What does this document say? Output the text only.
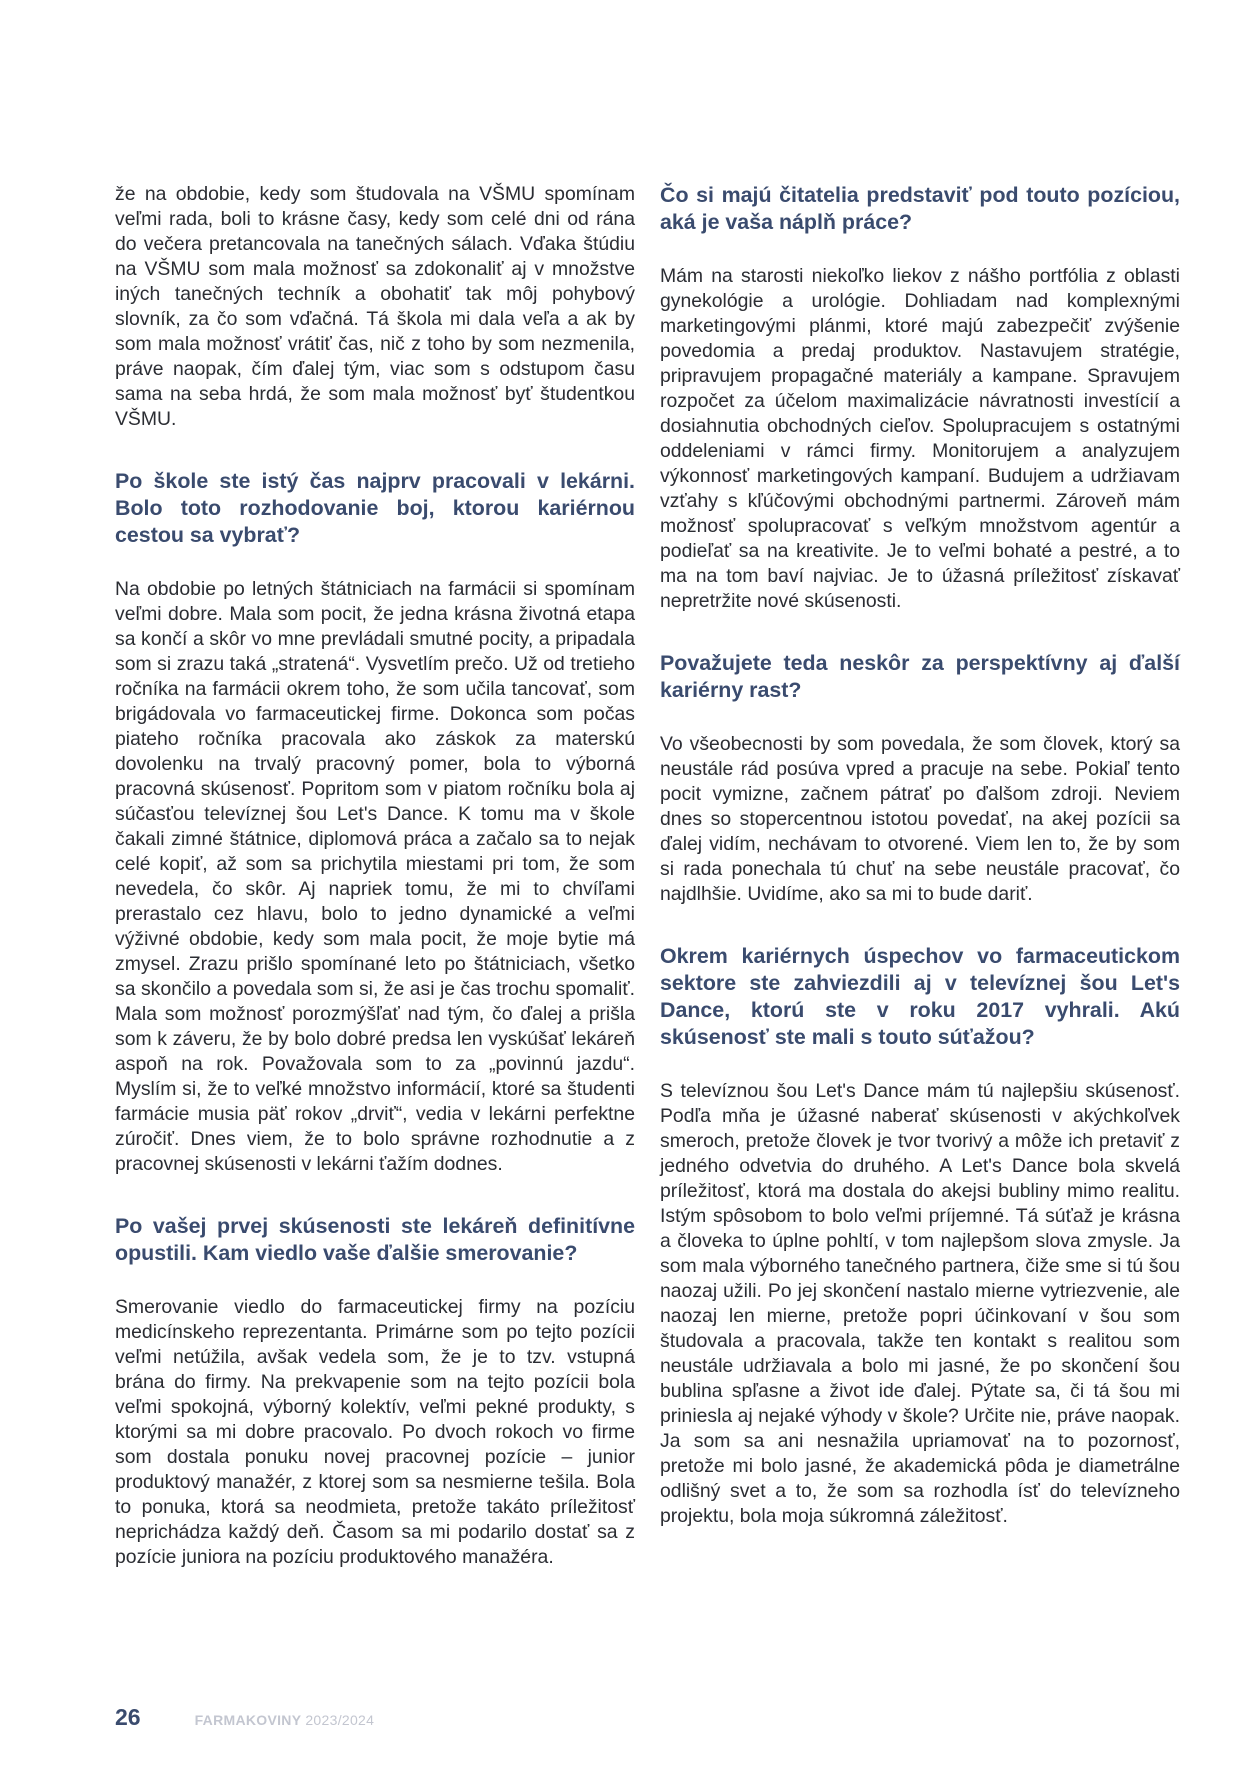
že na obdobie, kedy som študovala na VŠMU spomínam veľmi rada, boli to krásne časy, kedy som celé dni od rána do večera pretancovala na tanečných sálach. Vďaka štúdiu na VŠMU som mala možnosť sa zdokonaliť aj v množstve iných tanečných techník a obohatiť tak môj pohybový slovník, za čo som vďačná. Tá škola mi dala veľa a ak by som mala možnosť vrátiť čas, nič z toho by som nezmenila, práve naopak, čím ďalej tým, viac som s odstupom času sama na seba hrdá, že som mala možnosť byť študentkou VŠMU.

Po škole ste istý čas najprv pracovali v lekárni. Bolo toto rozhodovanie boj, ktorou kariérnou cestou sa vybrať?

Na obdobie po letných štátniciach na farmácii si spomínam veľmi dobre. Mala som pocit, že jedna krásna životná etapa sa končí a skôr vo mne prevládali smutné pocity, a pripadala som si zrazu taká „stratená“. Vysvetlím prečo. Už od tretieho ročníka na farmácii okrem toho, že som učila tancovať, som brigádovala vo farmaceutickej firme. Dokonca som počas piateho ročníka pracovala ako záskok za materskú dovolenku na trvalý pracovný pomer, bola to výborná pracovná skúsenosť. Popritom som v piatom ročníku bola aj súčasťou televíznej šou Let's Dance. K tomu ma v škole čakali zimné štátnice, diplomová práca a začalo sa to nejak celé kopiť, až som sa prichytila miestami pri tom, že som nevedela, čo skôr. Aj napriek tomu, že mi to chvíľami prerastalo cez hlavu, bolo to jedno dynamické a veľmi výživné obdobie, kedy som mala pocit, že moje bytie má zmysel. Zrazu prišlo spomínané leto po štátniciach, všetko sa skončilo a povedala som si, že asi je čas trochu spomaliť. Mala som možnosť porozmýšľať nad tým, čo ďalej a prišla som k záveru, že by bolo dobré predsa len vyskúšať lekáreň aspoň na rok. Považovala som to za „povinnú jazdu“. Myslím si, že to veľké množstvo informácií, ktoré sa študenti farmácie musia päť rokov „drviť“, vedia v lekárni perfektne zúročiť. Dnes viem, že to bolo správne rozhodnutie a z pracovnej skúsenosti v lekárni ťažím dodnes.

Po vašej prvej skúsenosti ste lekáreň definitívne opustili. Kam viedlo vaše ďalšie smerovanie?

Smerovanie viedlo do farmaceutickej firmy na pozíciu medicínskeho reprezentanta. Primárne som po tejto pozícii veľmi netúžila, avšak vedela som, že je to tzv. vstupná brána do firmy. Na prekvapenie som na tejto pozícii bola veľmi spokojná, výborný kolektív, veľmi pekné produkty, s ktorými sa mi dobre pracovalo. Po dvoch rokoch vo firme som dostala ponuku novej pracovnej pozície – junior produktový manažér, z ktorej som sa nesmierne tešila. Bola to ponuka, ktorá sa neodmieta, pretože takáto príležitosť neprichádza každý deň. Časom sa mi podarilo dostať sa z pozície juniora na pozíciu produktového manažéra.

Čo si majú čitatelia predstaviť pod touto pozíciou, aká je vaša náplň práce?

Mám na starosti niekoľko liekov z nášho portfólia z oblasti gynekológie a urológie. Dohliadam nad komplexnými marketingovými plánmi, ktoré majú zabezpečiť zvýšenie povedomia a predaj produktov. Nastavujem stratégie, pripravujem propagačné materiály a kampane. Spravujem rozpočet za účelom maximalizácie návratnosti investícií a dosiahnutia obchodných cieľov. Spolupracujem s ostatnými oddeleniami v rámci firmy. Monitorujem a analyzujem výkonnosť marketingových kampaní. Budujem a udržiavam vzťahy s kľúčovými obchodnými partnermi. Zároveň mám možnosť spolupracovať s veľkým množstvom agentúr a podieľať sa na kreativite. Je to veľmi bohaté a pestré, a to ma na tom baví najviac. Je to úžasná príležitosť získavať nepretržite nové skúsenosti.

Považujete teda neskôr za perspektívny aj ďalší kariérny rast?

Vo všeobecnosti by som povedala, že som človek, ktorý sa neustále rád posúva vpred a pracuje na sebe. Pokiaľ tento pocit vymizne, začnem pátrať po ďalšom zdroji. Neviem dnes so stopercentnou istotou povedať, na akej pozícii sa ďalej vidím, nechávam to otvorené. Viem len to, že by som si rada ponechala tú chuť na sebe neustále pracovať, čo najdlhšie. Uvidíme, ako sa mi to bude dariť.

Okrem kariérnych úspechov vo farmaceutickom sektore ste zahviezdili aj v televíznej šou Let's Dance, ktorú ste v roku 2017 vyhrali. Akú skúsenosť ste mali s touto súťažou?

S televíznou šou Let's Dance mám tú najlepšiu skúsenosť. Podľa mňa je úžasné naberať skúsenosti v akýchkoľvek smeroch, pretože človek je tvor tvorivý a môže ich pretaviť z jedného odvetvia do druhého. A Let's Dance bola skvelá príležitosť, ktorá ma dostala do akejsi bubliny mimo realitu. Istým spôsobom to bolo veľmi príjemné. Tá súťaž je krásna a človeka to úplne pohltí, v tom najlepšom slova zmysle. Ja som mala výborného tanečného partnera, čiže sme si tú šou naozaj užili. Po jej skončení nastalo mierne vytriezvenie, ale naozaj len mierne, pretože popri účinkovaní v šou som študovala a pracovala, takže ten kontakt s realitou som neustále udržiavala a bolo mi jasné, že po skončení šou bublina spľasne a život ide ďalej. Pýtate sa, či tá šou mi priniesla aj nejaké výhody v škole? Určite nie, práve naopak. Ja som sa ani nesnažila upriamovať na to pozornosť, pretože mi bolo jasné, že akademická pôda je diametrálne odlišný svet a to, že som sa rozhodla ísť do televízneho projektu, bola moja súkromná záležitosť.

26	FARMAKOVINY 2023/2024
